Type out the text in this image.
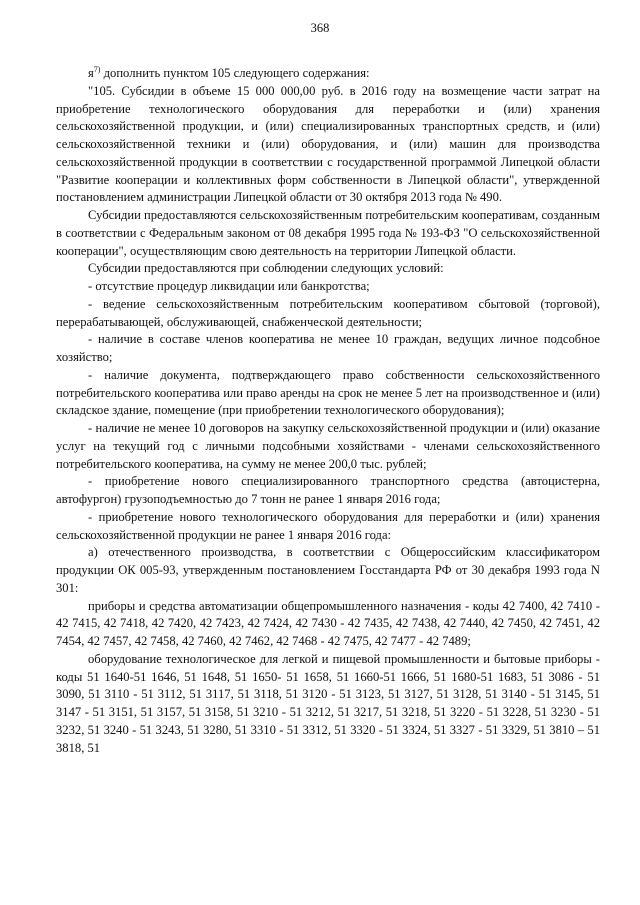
368

$я^{7)}$ дополнить пунктом 105 следующего содержания:

"105. Субсидии в объеме 15 000 000,00 руб. в 2016 году на возмещение части затрат на приобретение технологического оборудования для переработки и (или) хранения сельскохозяйственной продукции, и (или) специализированных транспортных средств, и (или) сельскохозяйственной техники и (или) оборудования, и (или) машин для производства сельскохозяйственной продукции в соответствии с государственной программой Липецкой области "Развитие кооперации и коллективных форм собственности в Липецкой области", утвержденной постановлением администрации Липецкой области от 30 октября 2013 года № 490.

Субсидии предоставляются сельскохозяйственным потребительским кооперативам, созданным в соответствии с Федеральным законом от 08 декабря 1995 года № 193-ФЗ "О сельскохозяйственной кооперации", осуществляющим свою деятельность на территории Липецкой области.

Субсидии предоставляются при соблюдении следующих условий:

- отсутствие процедур ликвидации или банкротства;

- ведение сельскохозяйственным потребительским кооперативом сбытовой (торговой), перерабатывающей, обслуживающей, снабженческой деятельности;

- наличие в составе членов кооператива не менее 10 граждан, ведущих личное подсобное хозяйство;

- наличие документа, подтверждающего право собственности сельскохозяйственного потребительского кооператива или право аренды на срок не менее 5 лет на производственное и (или) складское здание, помещение (при приобретении технологического оборудования);

- наличие не менее 10 договоров на закупку сельскохозяйственной продукции и (или) оказание услуг на текущий год с личными подсобными хозяйствами - членами сельскохозяйственного потребительского кооператива, на сумму не менее 200,0 тыс. рублей;

- приобретение нового специализированного транспортного средства (автоцистерна, автофургон) грузоподъемностью до 7 тонн не ранее 1 января 2016 года;

- приобретение нового технологического оборудования для переработки и (или) хранения сельскохозяйственной продукции не ранее 1 января 2016 года:

а) отечественного производства, в соответствии с Общероссийским классификатором продукции ОК 005-93, утвержденным постановлением Госстандарта РФ от 30 декабря 1993 года N 301:

приборы и средства автоматизации общепромышленного назначения - коды 42 7400, 42 7410 - 42 7415, 42 7418, 42 7420, 42 7423, 42 7424, 42 7430 - 42 7435, 42 7438, 42 7440, 42 7450, 42 7451, 42 7454, 42 7457, 42 7458, 42 7460, 42 7462, 42 7468 - 42 7475, 42 7477 - 42 7489;

оборудование технологическое для легкой и пищевой промышленности и бытовые приборы - коды 51 1640-51 1646, 51 1648, 51 1650- 51 1658, 51 1660-51 1666, 51 1680-51 1683, 51 3086 - 51 3090, 51 3110 - 51 3112, 51 3117, 51 3118, 51 3120 - 51 3123, 51 3127, 51 3128, 51 3140 - 51 3145, 51 3147 - 51 3151, 51 3157, 51 3158, 51 3210 - 51 3212, 51 3217, 51 3218, 51 3220 - 51 3228, 51 3230 - 51 3232, 51 3240 - 51 3243, 51 3280, 51 3310 - 51 3312, 51 3320 - 51 3324, 51 3327 - 51 3329, 51 3810 – 51 3818, 51
